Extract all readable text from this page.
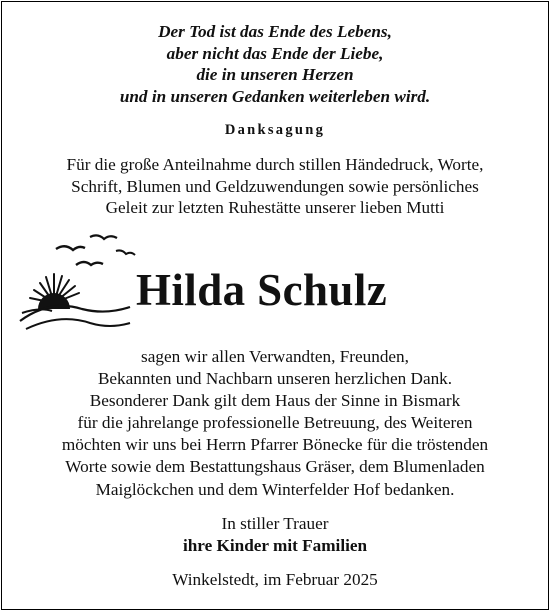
Der Tod ist das Ende des Lebens,
aber nicht das Ende der Liebe,
die in unseren Herzen
und in unseren Gedanken weiterleben wird.
Danksagung
Für die große Anteilnahme durch stillen Händedruck, Worte,
Schrift, Blumen und Geldzuwendungen sowie persönliches
Geleit zur letzten Ruhestätte unserer lieben Mutti
Hilda Schulz
sagen wir allen Verwandten, Freunden,
Bekannten und Nachbarn unseren herzlichen Dank.
Besonderer Dank gilt dem Haus der Sinne in Bismark
für die jahrelange professionelle Betreuung, des Weiteren
möchten wir uns bei Herrn Pfarrer Bönecke für die tröstenden
Worte sowie dem Bestattungshaus Gräser, dem Blumenladen
Maiglöckchen und dem Winterfelder Hof bedanken.
In stiller Trauer
ihre Kinder mit Familien
Winkelstedt, im Februar 2025
